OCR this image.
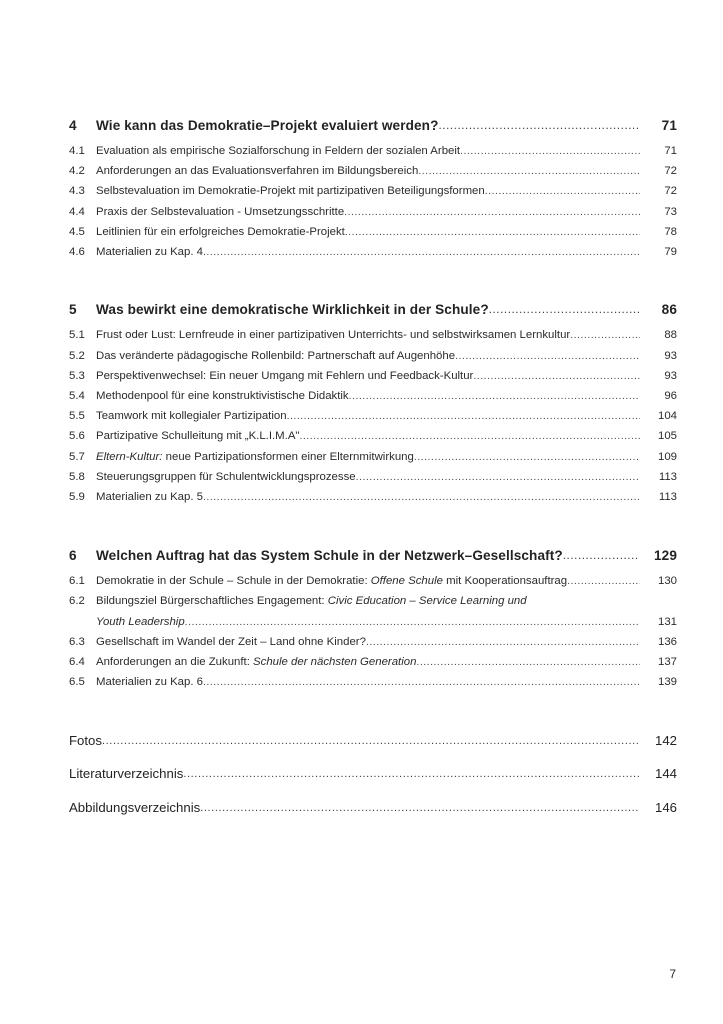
4	Wie kann das Demokratie–Projekt evaluiert werden? .....	71
4.1 Evaluation als empirische Sozialforschung in Feldern der sozialen Arbeit .....	71
4.2 Anforderungen an das Evaluationsverfahren im Bildungsbereich .....	72
4.3 Selbstevaluation im Demokratie-Projekt mit partizipativen Beteiligungsformen .....	72
4.4 Praxis der Selbstevaluation - Umsetzungsschritte .....	73
4.5 Leitlinien für ein erfolgreiches Demokratie-Projekt .....	78
4.6 Materialien zu Kap. 4 .....	79
5	Was bewirkt eine demokratische Wirklichkeit in der Schule? .....	86
5.1 Frust oder Lust: Lernfreude in einer partizipativen Unterrichts- und selbstwirksamen Lernkultur .....	88
5.2 Das veränderte pädagogische Rollenbild: Partnerschaft auf Augenhöhe .....	93
5.3 Perspektivenwechsel: Ein neuer Umgang mit Fehlern und Feedback-Kultur .....	93
5.4 Methodenpool für eine konstruktivistische Didaktik .....	96
5.5 Teamwork mit kollegialer Partizipation .....	104
5.6 Partizipative Schulleitung mit „K.L.I.M.A" .....	105
5.7 Eltern-Kultur: neue Partizipationsformen einer Elternmitwirkung .....	109
5.8 Steuerungsgruppen für Schulentwicklungsprozesse .....	113
5.9 Materialien zu Kap. 5 .....	113
6	Welchen Auftrag hat das System Schule in der Netzwerk–Gesellschaft? .....	129
6.1 Demokratie in der Schule – Schule in der Demokratie: Offene Schule mit Kooperationsauftrag .....	130
6.2 Bildungsziel Bürgerschaftliches Engagement: Civic Education – Service Learning und
Youth Leadership .....	131
6.3 Gesellschaft im Wandel der Zeit – Land ohne Kinder? .....	136
6.4 Anforderungen an die Zukunft: Schule der nächsten Generation .....	137
6.5 Materialien zu Kap. 6 .....	139
Fotos .....	142
Literaturverzeichnis .....	144
Abbildungsverzeichnis .....	146
7
